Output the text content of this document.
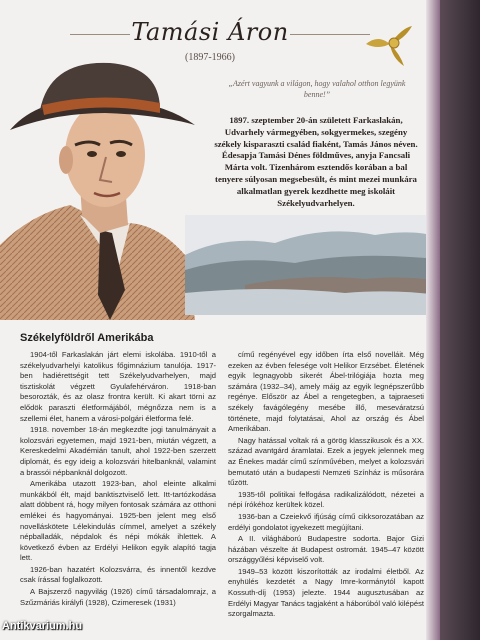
Tamási Áron
(1897-1966)
„Azért vagyunk a világon, hogy valahol otthon legyünk benne!”
1897. szeptember 20-án született Farkaslakán, Udvarhely vármegyében, sokgyermekes, szegény székely kisparaszti család fiaként, Tamás János néven. Édesapja Tamási Dénes földműves, anyja Fancsali Márta volt. Tizenhárom esztendős korában a bal tenyere súlyosan megsebesült, és mint mezei munkára alkalmatlan gyerek kezdhette meg iskoláit Székelyudvarhelyen.
Székelyföldről Amerikába

1904-től Farkaslakán járt elemi iskolába. 1910-től a székelyudvarhelyi katolikus főgimnázium tanulója. 1917-ben hadiérettségit tett Székelyudvarhelyen, majd tisztiskolát végzett Gyulafehérváron. 1918-ban besorozták, és az olasz frontra került. Ki akart törni az elődök paraszti életformájából, mégnőzza nem is a szellemi élet, hanem a városi-polgári életforma felé.

1918. november 18-án megkezdte jogi tanulmányait a kolozsvári egyetemen, majd 1921-ben, miután végzett, a Kereskedelmi Akadémián tanult, ahol 1922-ben szerzett diplomát, és egy ideig a kolozsvári hitelbanknál, valamint a brassói népbanknál dolgozott.

Amerikába utazott 1923-ban, ahol eleinte alkalmi munkákból élt, majd banktisztviselő lett. Itt-tartózkodása alatt döbbent rá, hogy milyen fontosak számára az otthoni emlékei és hagyományai. 1925-ben jelent meg első novelláskötete Lélekindulás címmel, amelyet a székely népballadák, népdalok és népi mókák ihlettek. A következő évben az Erdélyi Helikon egyik alapító tagja lett.

1926-ban hazatért Kolozsvárra, és innentől kezdve csak írással foglalkozott.

A Bajszerző nagyvilág (1926) című társadalomrajz, a Szűzmáriás királyfi (1928), Czimeresek (1931)

című regényével egy időben írta első novelláit. Még ezeken az évben felesége volt Helikor Erzsébet. Életének egyik legnagyobb sikerét Ábel-trilógiája hozta meg számára (1932–34), amely máig az egyik legnépszerűbb regénye. Először az Ábel a rengetegben, a tajpraeseti székely favágólegény mesébe illő, meseváratzsú története, majd folytatásai, Ahol az ország és Ábel Amerikában.

Nagy hatással voltak rá a görög klasszikusok és a XX. század avantgárd áramlatai. Ezek a jegyek jelennek meg az Énekes madár című színművében, melyet a kolozsvári bemutató után a budapesti Nemzeti Színház is műsorára tűzött.

1935-től politikai felfogása radikalizálódott, nézetei a népi írókéhoz kerültek közel.

1936-ban a Czeiekvő ifjúság című cikksorozatában az erdélyi gondolatot igyekezett megújítani.

A II. világháború Budapestre sodorta. Bajor Gizi házában vészelte át Budapest ostromát. 1945–47 között országgyűlési képviselő volt.

1949–53 között kiszorították az irodalmi életből. Az enyhülés kezdetét a Nagy Imre-kormánytól kapott Kossuth-díj (1953) jelezte. 1944 augusztusában az Erdélyi Magyar Tanács tagjaként a háborúból való kilépést szorgalmazta.

Antikvarium.hu
